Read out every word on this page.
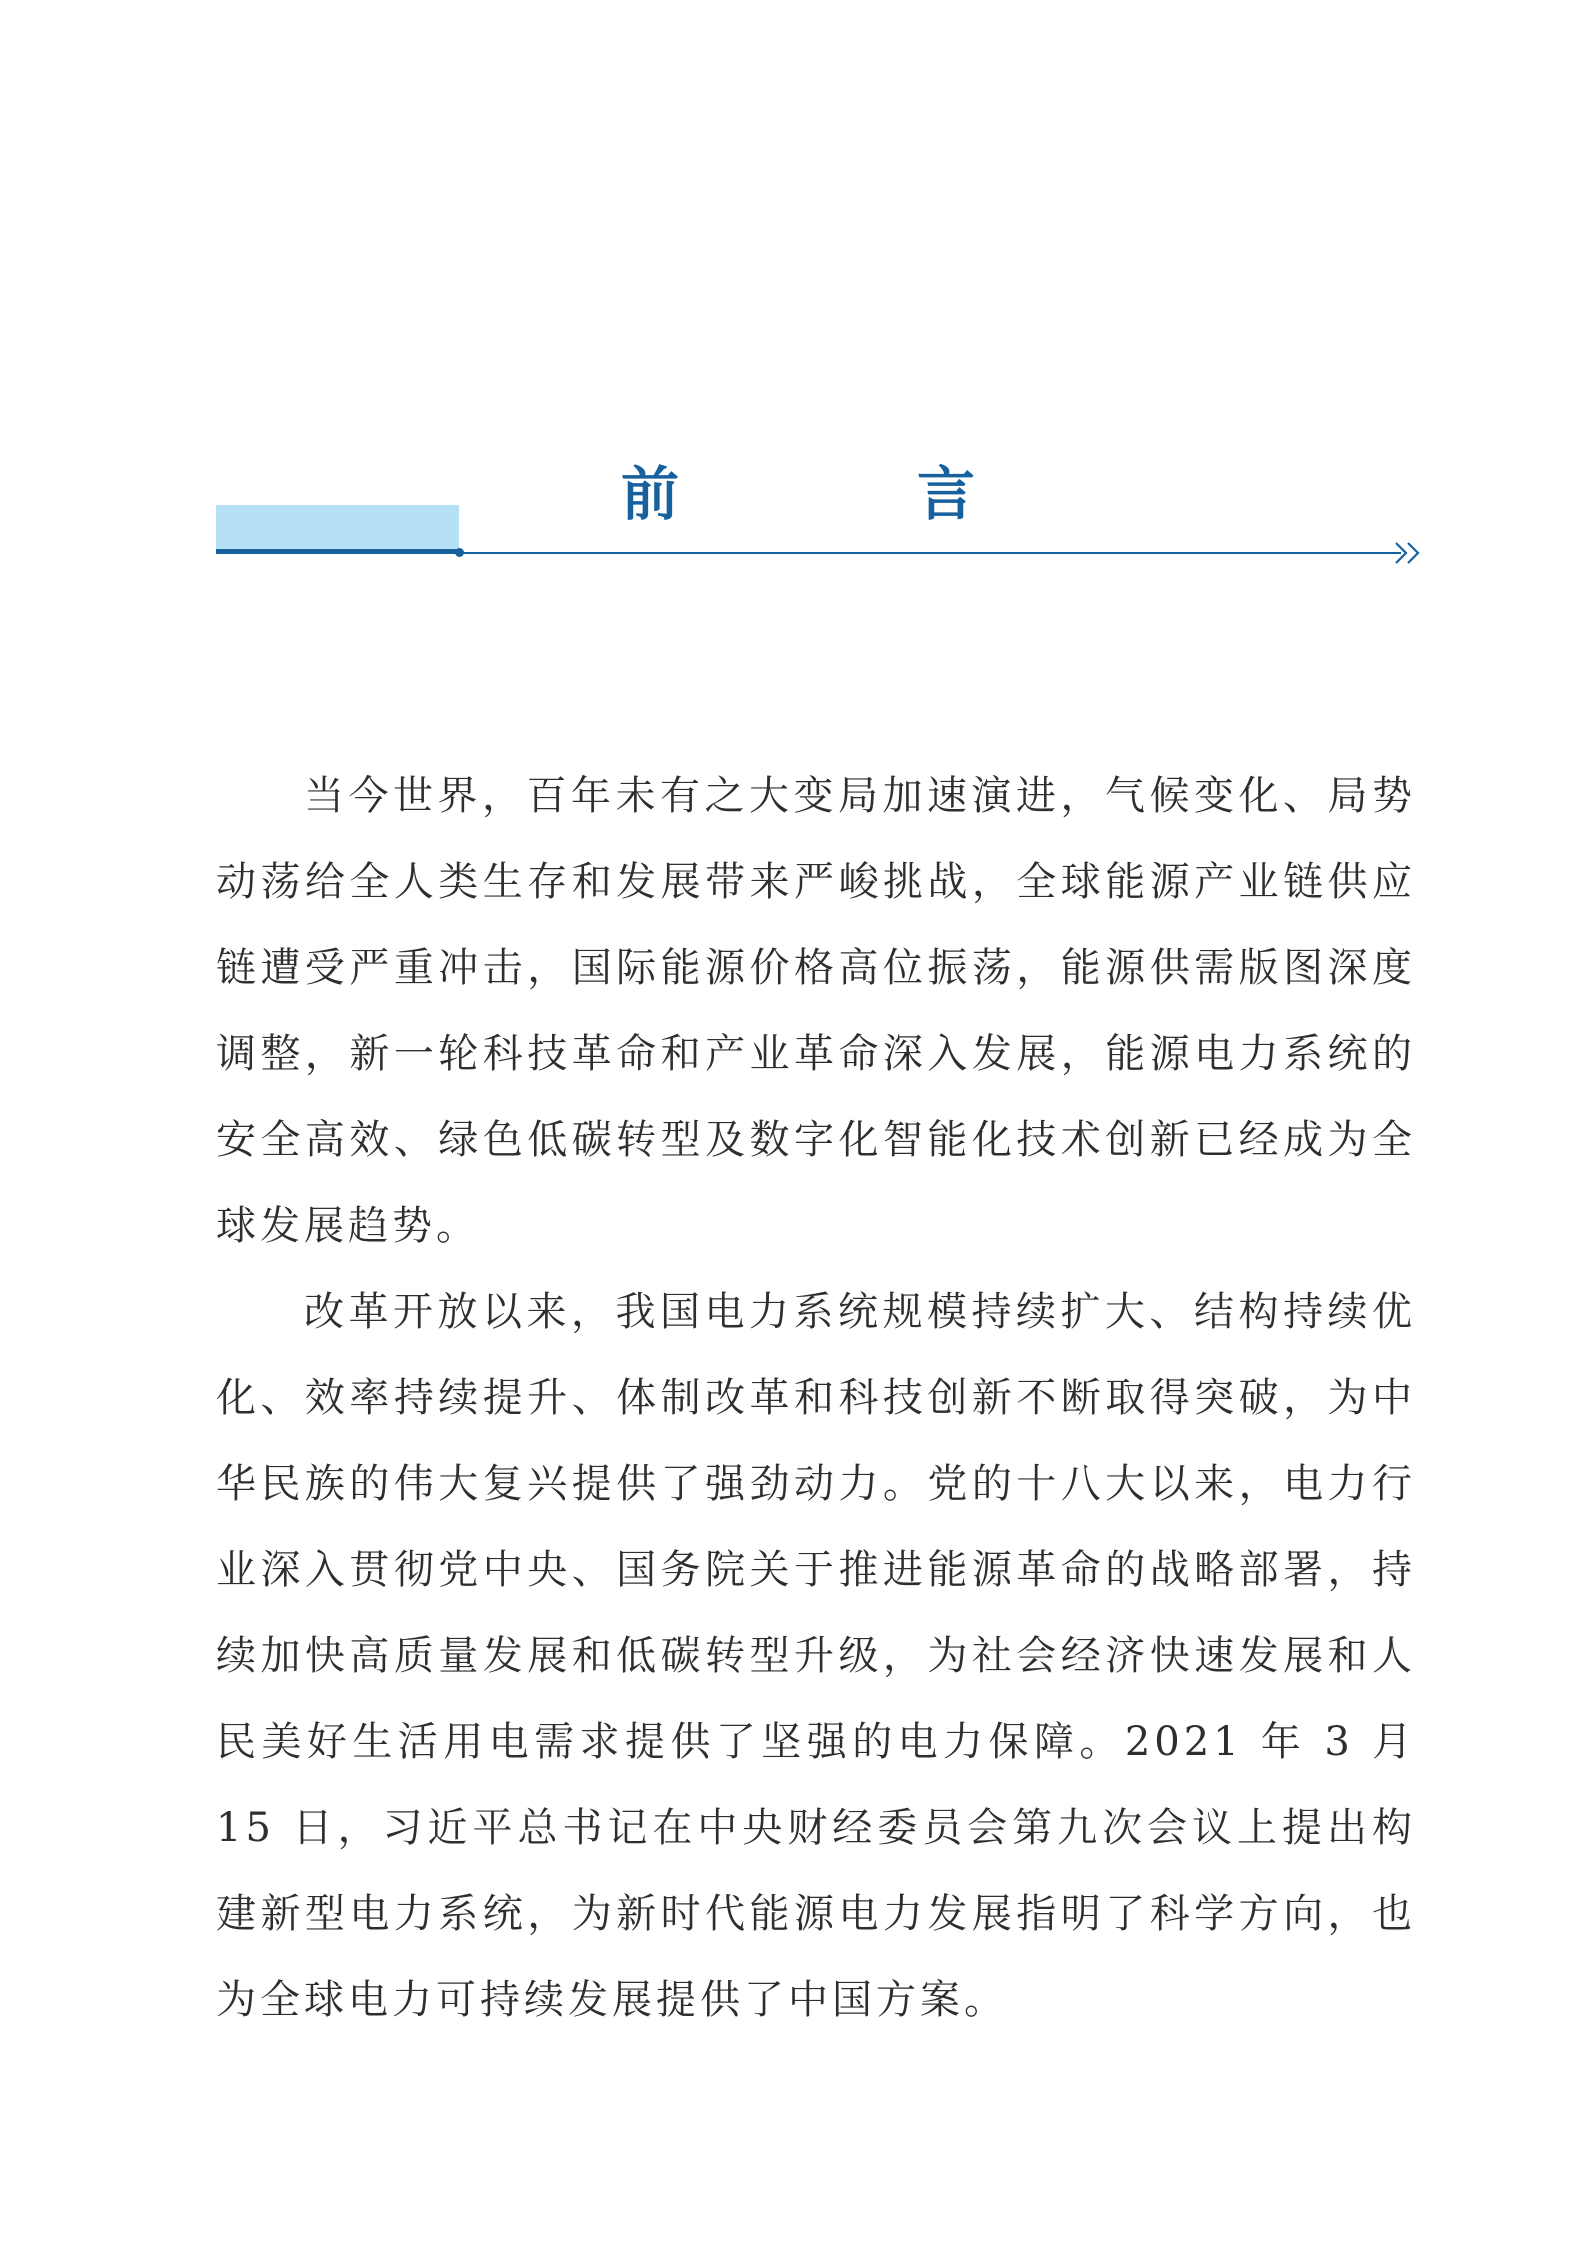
前　言

当今世界，百年未有之大变局加速演进，气候变化、局势动荡给全人类生存和发展带来严峻挑战，全球能源产业链供应链遭受严重冲击，国际能源价格高位振荡，能源供需版图深度调整，新一轮科技革命和产业革命深入发展，能源电力系统的安全高效、绿色低碳转型及数字化智能化技术创新已经成为全球发展趋势。

改革开放以来，我国电力系统规模持续扩大、结构持续优化、效率持续提升、体制改革和科技创新不断取得突破，为中华民族的伟大复兴提供了强劲动力。党的十八大以来，电力行业深入贯彻党中央、国务院关于推进能源革命的战略部署，持续加快高质量发展和低碳转型升级，为社会经济快速发展和人民美好生活用电需求提供了坚强的电力保障。2021 年 3 月 15 日，习近平总书记在中央财经委员会第九次会议上提出构建新型电力系统，为新时代能源电力发展指明了科学方向，也为全球电力可持续发展提供了中国方案。
